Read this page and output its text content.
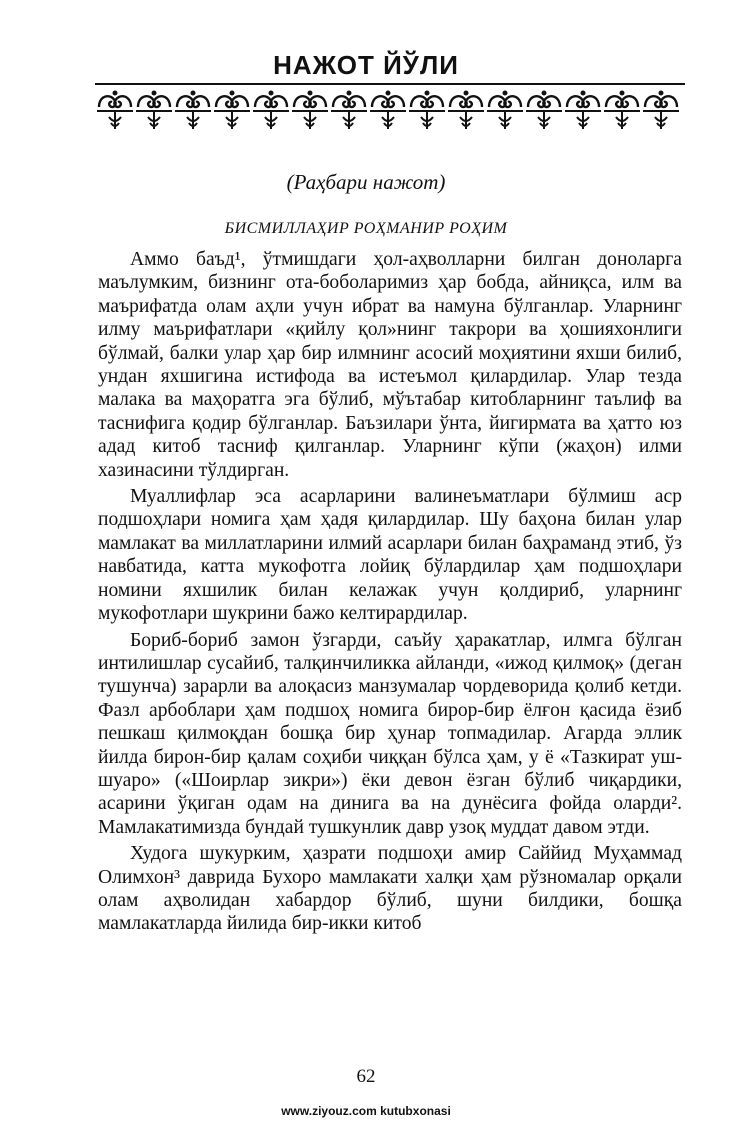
НАЖОТ ЙЎЛИ
(Раҳбари нажот)
БИСМИЛЛАҲИР РОҲМАНИР РОҲИМ

Аммо баъд¹, ўтмишдаги ҳол-аҳволларни билган доноларга маълумким, бизнинг ота-боболаримиз ҳар бобда, айниқса, илм ва маърифатда олам аҳли учун ибрат ва намуна бўлганлар. Уларнинг илму маърифатлари «қийлу қол»нинг такрори ва ҳошияхонлиги бўлмай, балки улар ҳар бир илмнинг асосий моҳиятини яхши билиб, ундан яхшигина истифода ва истеъмол қилардилар. Улар тезда малака ва маҳоратга эга бўлиб, мўътабар китобларнинг таълиф ва таснифига қодир бўлганлар. Баъзилари ўнта, йигирмата ва ҳатто юз адад китоб тасниф қилганлар. Уларнинг кўпи (жаҳон) илми хазинасини тўлдирган.

Муаллифлар эса асарларини валинеъматлари бўлмиш аср подшоҳлари номига ҳам ҳадя қилардилар. Шу баҳона билан улар мамлакат ва миллатларини илмий асарлари билан баҳраманд этиб, ўз навбатида, катта мукофотга лойиқ бўлардилар ҳам подшоҳлари номини яхшилик билан келажак учун қолдириб, уларнинг мукофотлари шукрини бажо келтирардилар.

Бориб-бориб замон ўзгарди, саъйу ҳаракатлар, илмга бўлган интилишлар сусайиб, талқинчиликка айланди, «ижод қилмоқ» (деган тушунча) зарарли ва алоқасиз манзумалар чордеворида қолиб кетди. Фазл арбоблари ҳам подшоҳ номига бирор-бир ёлғон қасида ёзиб пешкаш қилмоқдан бошқа бир ҳунар топмадилар. Агарда эллик йилда бирон-бир қалам соҳиби чиққан бўлса ҳам, у ё «Тазкират уш-шуаро» («Шоирлар зикри») ёки девон ёзган бўлиб чиқардики, асарини ўқиган одам на динига ва на дунёсига фойда оларди². Мамлакатимизда бундай тушкунлик давр узоқ муддат давом этди.

Худога шукурким, ҳазрати подшоҳи амир Саййид Муҳаммад Олимхон³ даврида Бухоро мамлакати халқи ҳам рўзномалар орқали олам аҳволидан хабардор бўлиб, шуни билдики, бошқа мамлакатларда йилида бир-икки китоб

62
www.ziyouz.com kutubxonasi
